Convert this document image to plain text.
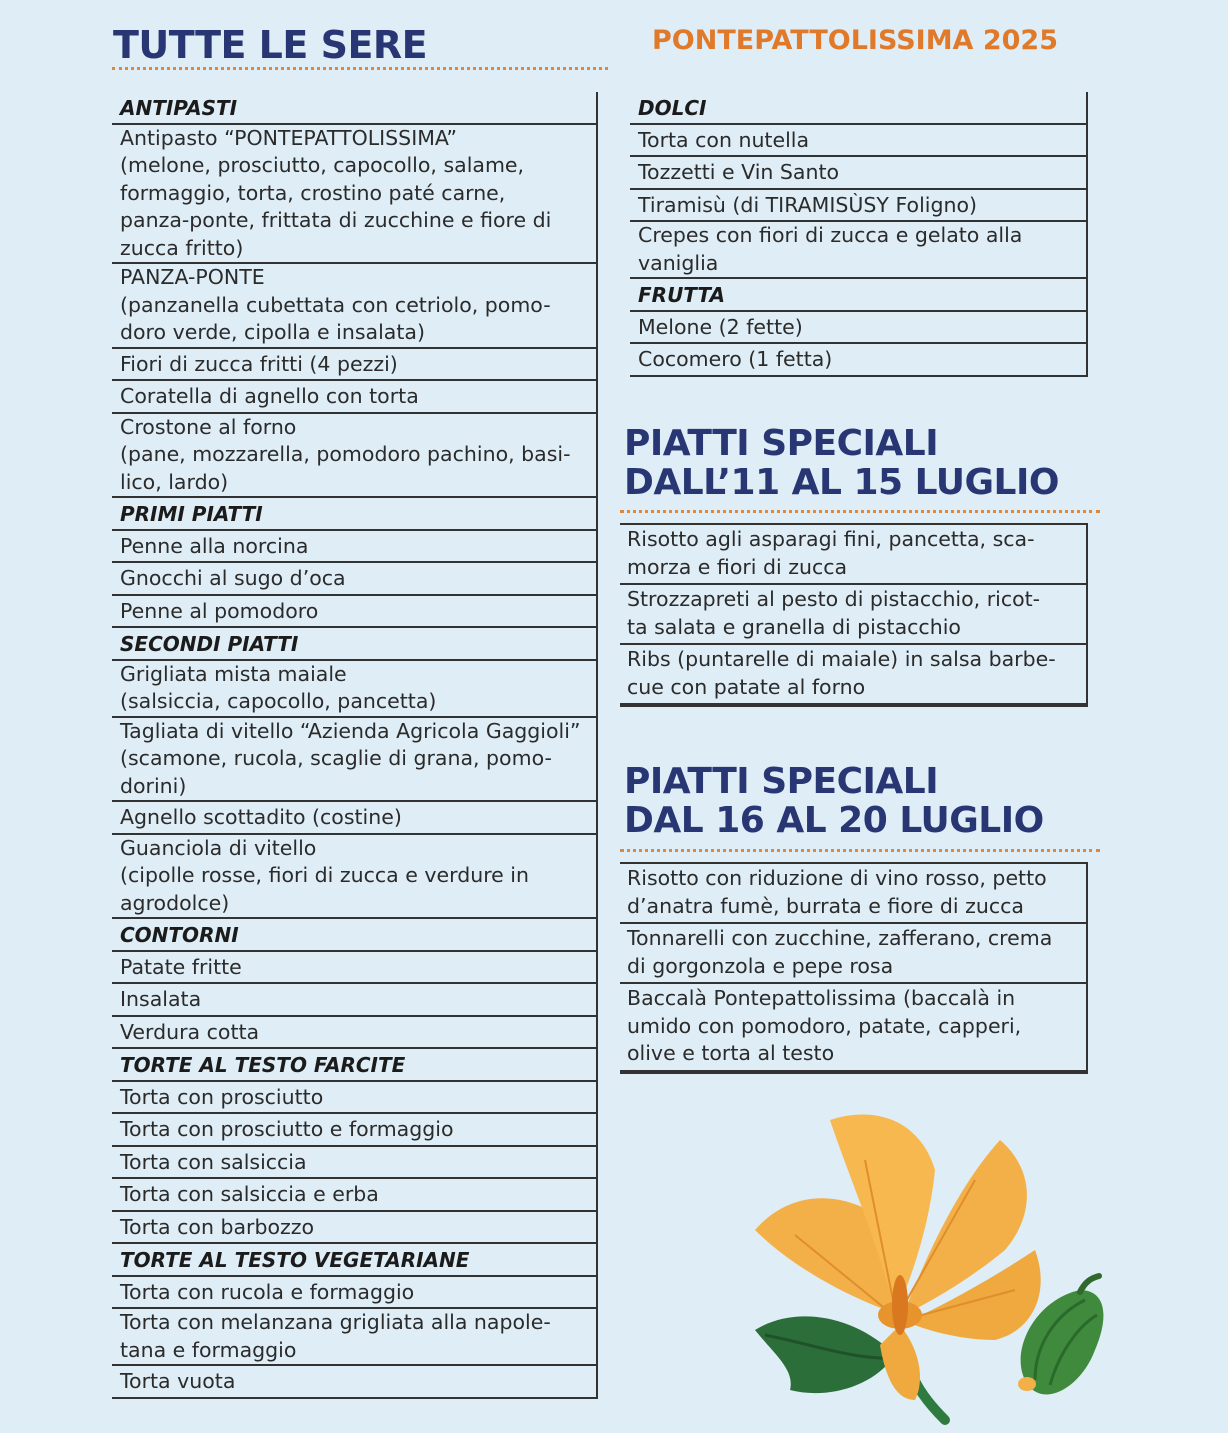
TUTTE LE SERE	PONTEPATTOLISSIMA 2025
ANTIPASTI
Antipasto “PONTEPATTOLISSIMA”
(melone, prosciutto, capocollo, salame,
formaggio, torta, crostino paté carne,
panza-ponte, frittata di zucchine e fiore di
zucca fritto)
PANZA-PONTE
(panzanella cubettata con cetriolo, pomo-
doro verde, cipolla e insalata)
Fiori di zucca fritti (4 pezzi)
Coratella di agnello con torta
Crostone al forno
(pane, mozzarella, pomodoro pachino, basi-
lico, lardo)
PRIMI PIATTI
Penne alla norcina
Gnocchi al sugo d’oca
Penne al pomodoro
SECONDI PIATTI
Grigliata mista maiale
(salsiccia, capocollo, pancetta)
Tagliata di vitello “Azienda Agricola Gaggioli”
(scamone, rucola, scaglie di grana, pomo-
dorini)
Agnello scottadito (costine)
Guanciola di vitello
(cipolle rosse, fiori di zucca e verdure in
agrodolce)
CONTORNI
Patate fritte
Insalata
Verdura cotta
TORTE AL TESTO FARCITE
Torta con prosciutto
Torta con prosciutto e formaggio
Torta con salsiccia
Torta con salsiccia e erba
Torta con barbozzo
TORTE AL TESTO VEGETARIANE
Torta con rucola e formaggio
Torta con melanzana grigliata alla napole-
tana e formaggio
Torta vuota
DOLCI
Torta con nutella
Tozzetti e Vin Santo
Tiramisù (di TIRAMISÙSY Foligno)
Crepes con fiori di zucca e gelato alla
vaniglia
FRUTTA
Melone (2 fette)
Cocomero (1 fetta)
PIATTI SPECIALI
DALL’11 AL 15 LUGLIO
Risotto agli asparagi fini, pancetta, sca-
morza e fiori di zucca
Strozzapreti al pesto di pistacchio, ricot-
ta salata e granella di pistacchio
Ribs (puntarelle di maiale) in salsa barbe-
cue con patate al forno
PIATTI SPECIALI
DAL 16 AL 20 LUGLIO
Risotto con riduzione di vino rosso, petto
d’anatra fumè, burrata e fiore di zucca
Tonnarelli con zucchine, zafferano, crema
di gorgonzola e pepe rosa
Baccalà Pontepattolissima (baccalà in
umido con pomodoro, patate, capperi,
olive e torta al testo
